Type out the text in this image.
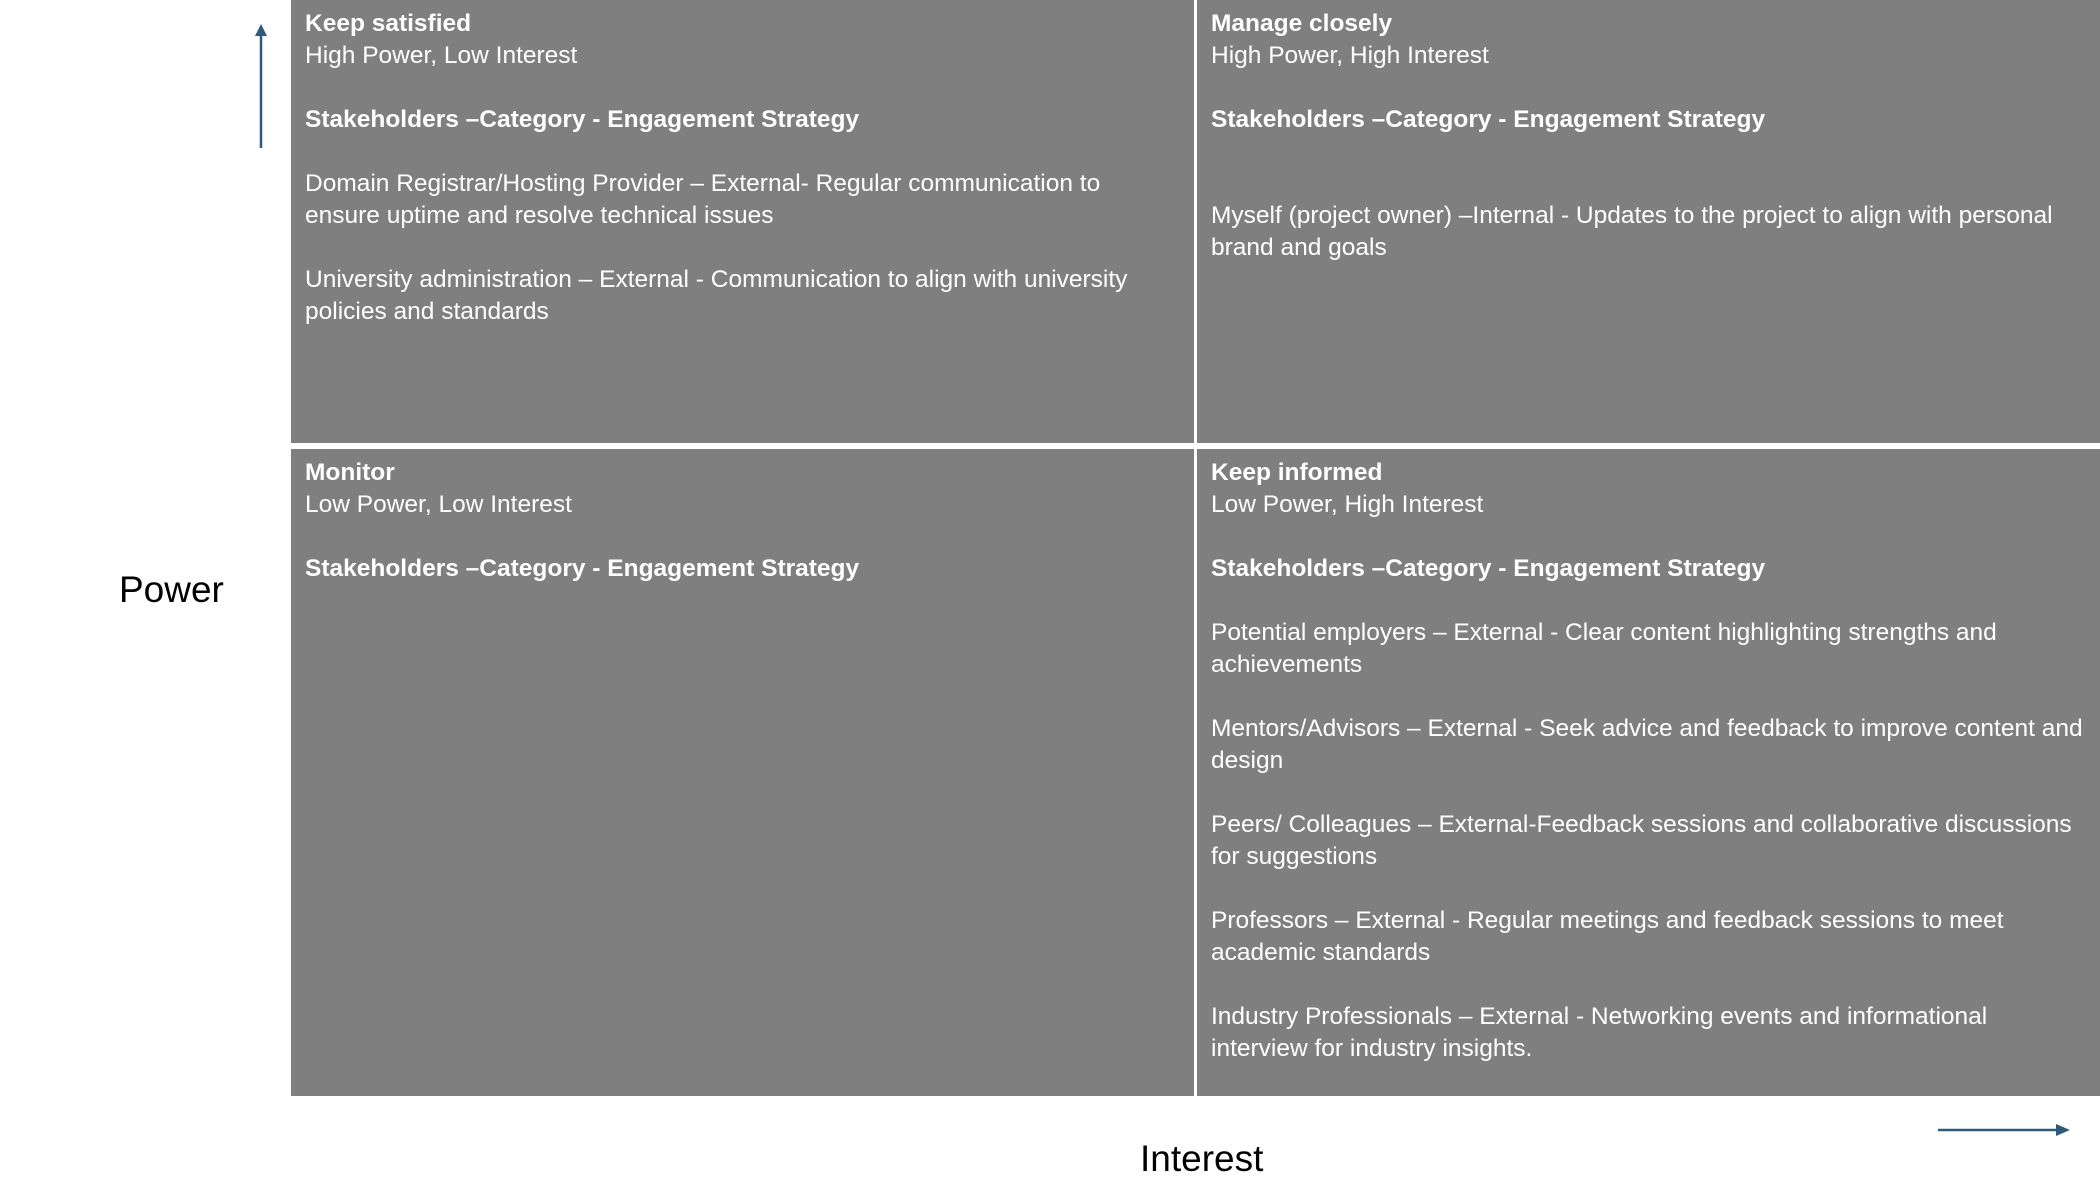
Power
Interest
Keep satisfied
High Power, Low Interest
Stakeholders –Category - Engagement Strategy
Domain Registrar/Hosting Provider – External- Regular communication to ensure uptime and resolve technical issues
University administration – External - Communication to align with university policies and standards
Manage closely
High Power, High Interest
Stakeholders –Category - Engagement Strategy
Myself (project owner) –Internal - Updates to the project to align with personal brand and goals
Monitor
Low Power, Low Interest
Stakeholders –Category - Engagement Strategy
Keep informed
Low Power, High Interest
Stakeholders –Category - Engagement Strategy
Potential employers – External - Clear content highlighting strengths and achievements
Mentors/Advisors – External - Seek advice and feedback to improve content and design
Peers/ Colleagues – External-Feedback sessions and collaborative discussions for suggestions
Professors – External - Regular meetings and feedback sessions to meet academic standards
Industry Professionals – External - Networking events and informational interview for industry insights.
